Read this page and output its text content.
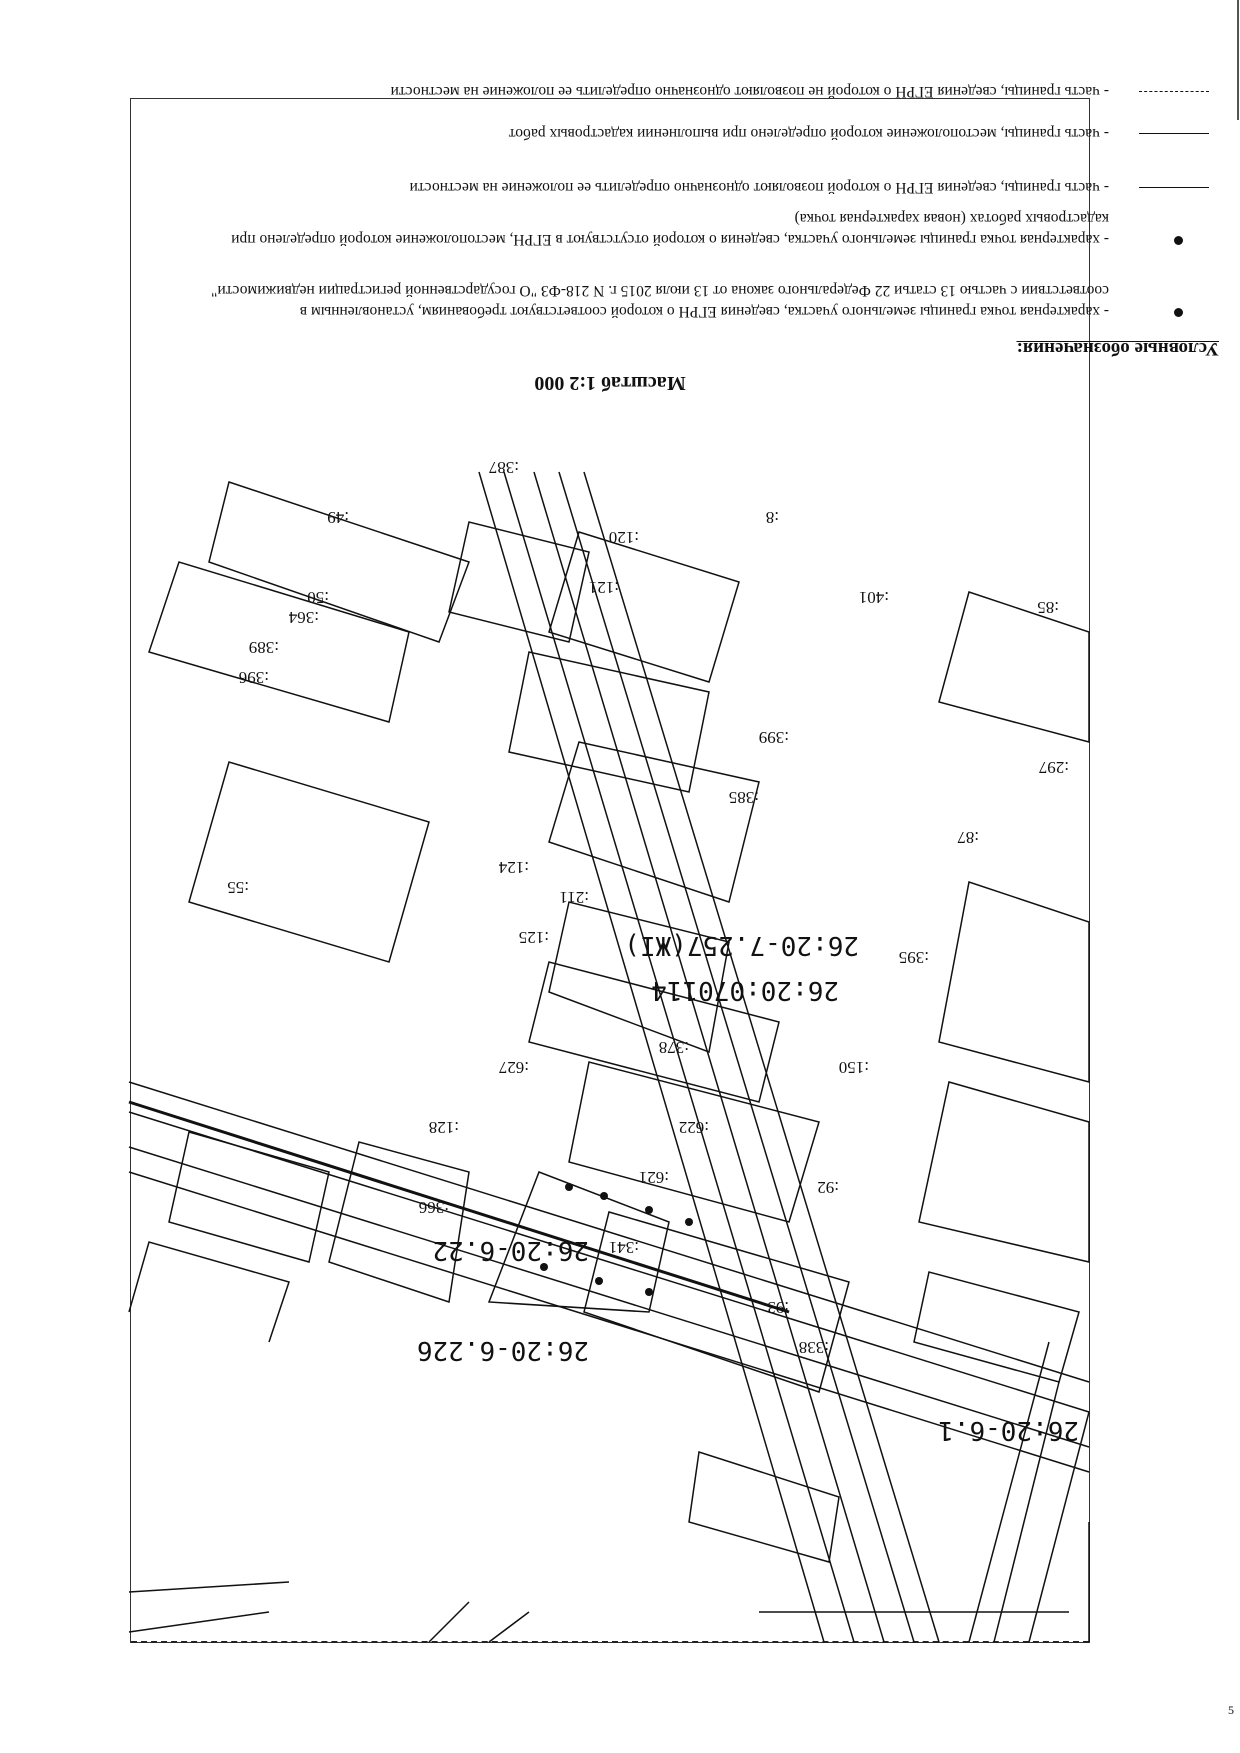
5
:8
:401
:85
:297
:87
:395
:150
:92
:93
:338
:120
:121
:387
:399
:385
:124
:125
:211
:378
:622
:621
:128
:366
:341
:49
:50
:364
:389
:396
:55
:627
26:20:070114
26:20-7.257(ЖI)
26:20-6.22
26:20-6.226
26:20-6.1
Масштаб 1:2 000
Условные обозначения:
- характерная точка границы земельного участка, сведения ЕГРН о которой соответствуют требованиям, установленным в соответствии с частью 13 статьи 22 Федерального закона от 13 июля 2015 г. N 218-ФЗ "О государственной регистрации недвижимости"
- характерная точка границы земельного участка, сведения о которой отсутствуют в ЕГРН, местоположение которой определено при кадастровых работах (новая характерная точка)
- часть границы, сведения ЕГРН о которой позволяют однозначно определить ее положение на местности
- часть границы, местоположение которой определено при выполнении кадастровых работ
- часть границы, сведения ЕГРН о которой не позволяют однозначно определить ее положение на местности
